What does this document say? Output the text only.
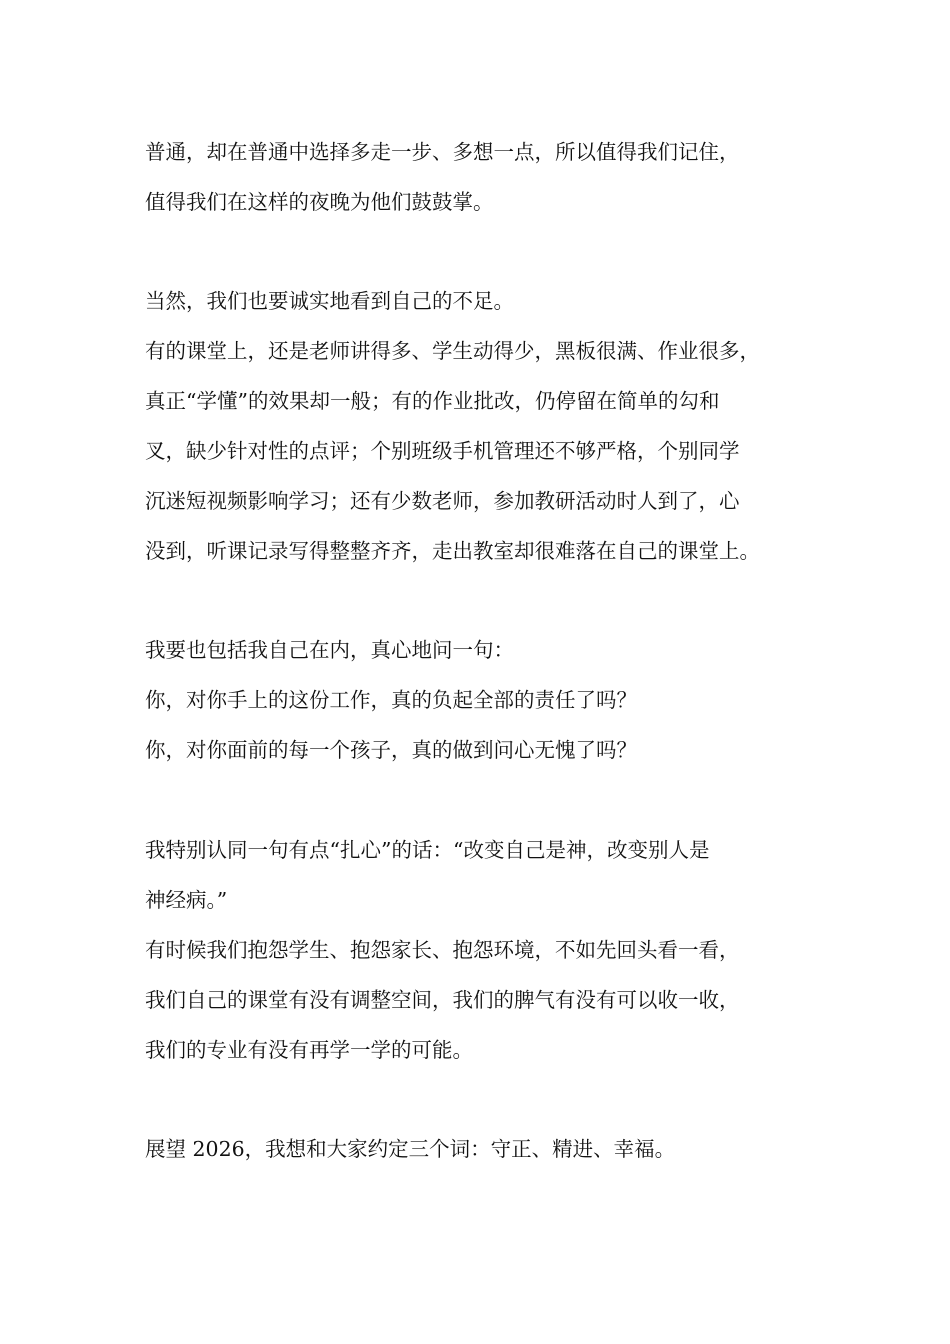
普通，却在普通中选择多走一步、多想一点，所以值得我们记住，
值得我们在这样的夜晚为他们鼓鼓掌。
当然，我们也要诚实地看到自己的不足。
有的课堂上，还是老师讲得多、学生动得少，黑板很满、作业很多，
真正“学懂”的效果却一般；有的作业批改，仍停留在简单的勾和
叉，缺少针对性的点评；个别班级手机管理还不够严格，个别同学
沉迷短视频影响学习；还有少数老师，参加教研活动时人到了，心
没到，听课记录写得整整齐齐，走出教室却很难落在自己的课堂上。
我要也包括我自己在内，真心地问一句：
你，对你手上的这份工作，真的负起全部的责任了吗？
你，对你面前的每一个孩子，真的做到问心无愧了吗？
我特别认同一句有点“扎心”的话：“改变自己是神，改变别人是
神经病。”
有时候我们抱怨学生、抱怨家长、抱怨环境，不如先回头看一看，
我们自己的课堂有没有调整空间，我们的脾气有没有可以收一收，
我们的专业有没有再学一学的可能。
展望 2026，我想和大家约定三个词：守正、精进、幸福。
